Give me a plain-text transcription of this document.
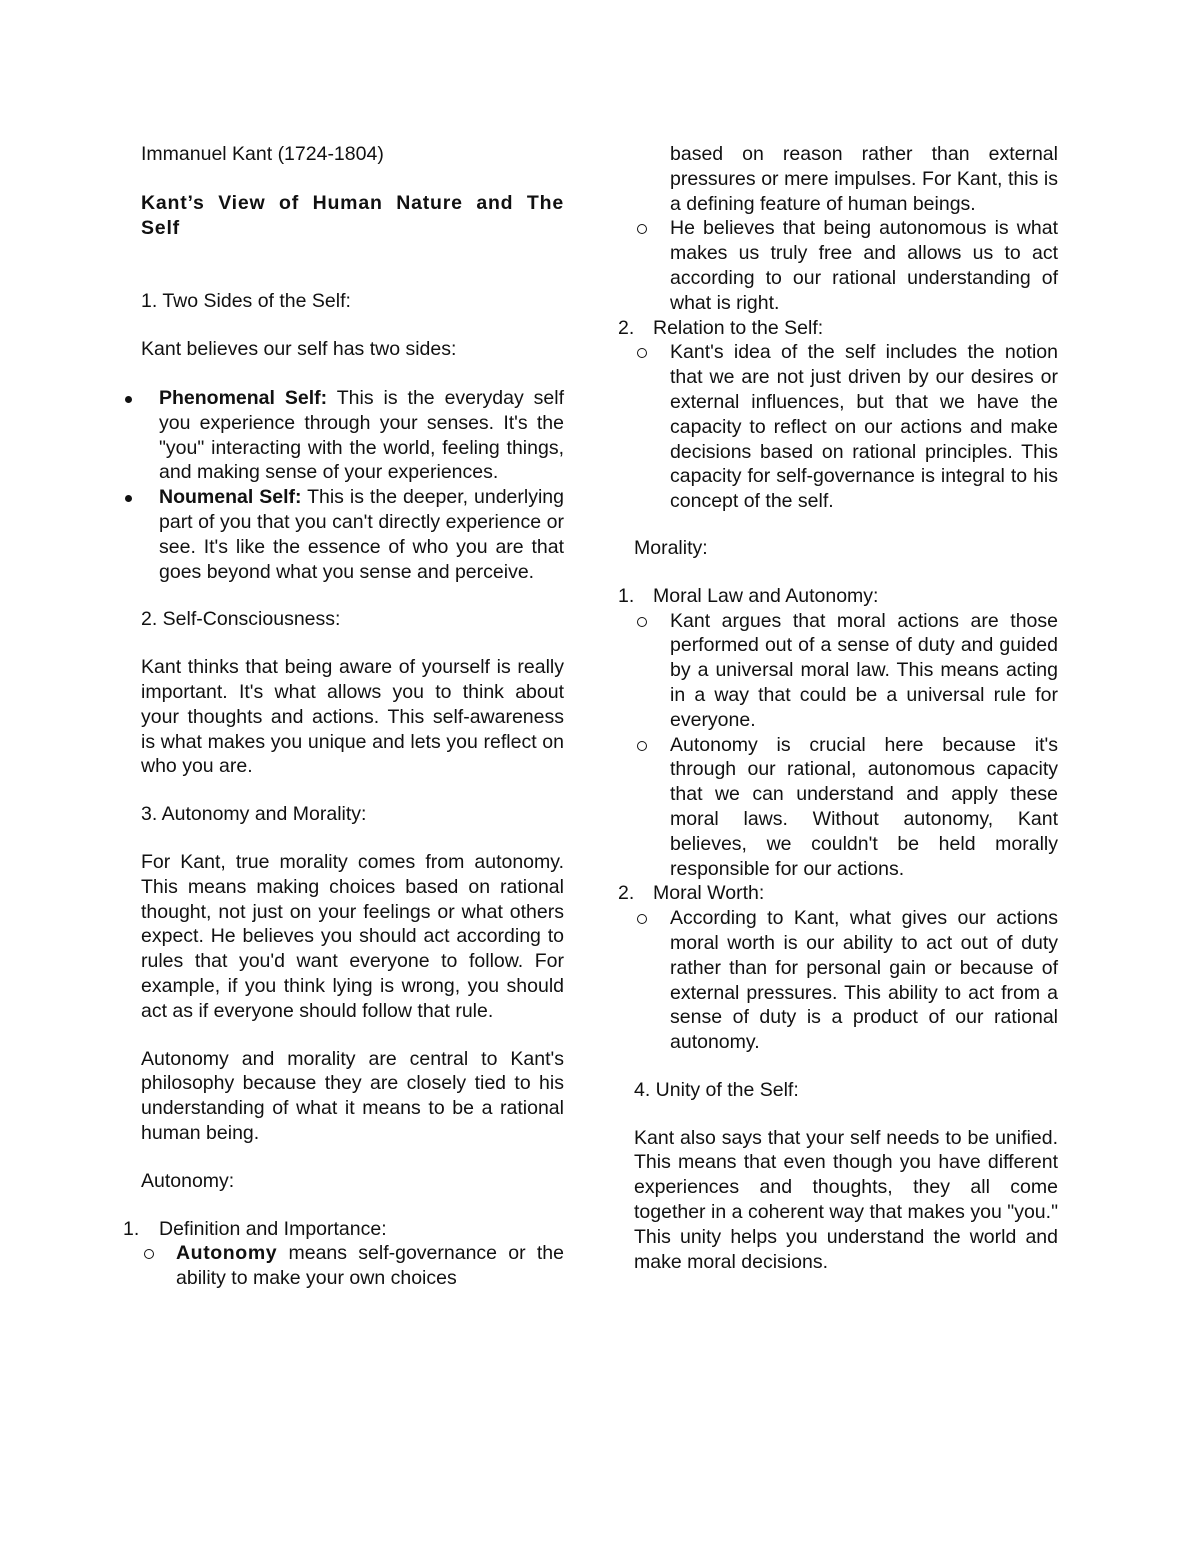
Immanuel Kant (1724-1804)

Kant’s View of Human Nature and The Self

1. Two Sides of the Self:

Kant believes our self has two sides:

Phenomenal Self: This is the everyday self you experience through your senses. It's the "you" interacting with the world, feeling things, and making sense of your experiences.
Noumenal Self: This is the deeper, underlying part of you that you can't directly experience or see. It's like the essence of who you are that goes beyond what you sense and perceive.

2. Self-Consciousness:

Kant thinks that being aware of yourself is really important. It's what allows you to think about your thoughts and actions. This self-awareness is what makes you unique and lets you reflect on who you are.

3. Autonomy and Morality:

For Kant, true morality comes from autonomy. This means making choices based on rational thought, not just on your feelings or what others expect. He believes you should act according to rules that you'd want everyone to follow. For example, if you think lying is wrong, you should act as if everyone should follow that rule.

Autonomy and morality are central to Kant's philosophy because they are closely tied to his understanding of what it means to be a rational human being.

Autonomy:

1. Definition and Importance:
Autonomy means self-governance or the ability to make your own choices
based on reason rather than external pressures or mere impulses. For Kant, this is a defining feature of human beings.
He believes that being autonomous is what makes us truly free and allows us to act according to our rational understanding of what is right.
2. Relation to the Self:
Kant's idea of the self includes the notion that we are not just driven by our desires or external influences, but that we have the capacity to reflect on our actions and make decisions based on rational principles. This capacity for self-governance is integral to his concept of the self.

Morality:

1. Moral Law and Autonomy:
Kant argues that moral actions are those performed out of a sense of duty and guided by a universal moral law. This means acting in a way that could be a universal rule for everyone.
Autonomy is crucial here because it's through our rational, autonomous capacity that we can understand and apply these moral laws. Without autonomy, Kant believes, we couldn't be held morally responsible for our actions.
2. Moral Worth:
According to Kant, what gives our actions moral worth is our ability to act out of duty rather than for personal gain or because of external pressures. This ability to act from a sense of duty is a product of our rational autonomy.

4. Unity of the Self:

Kant also says that your self needs to be unified. This means that even though you have different experiences and thoughts, they all come together in a coherent way that makes you "you." This unity helps you understand the world and make moral decisions.
